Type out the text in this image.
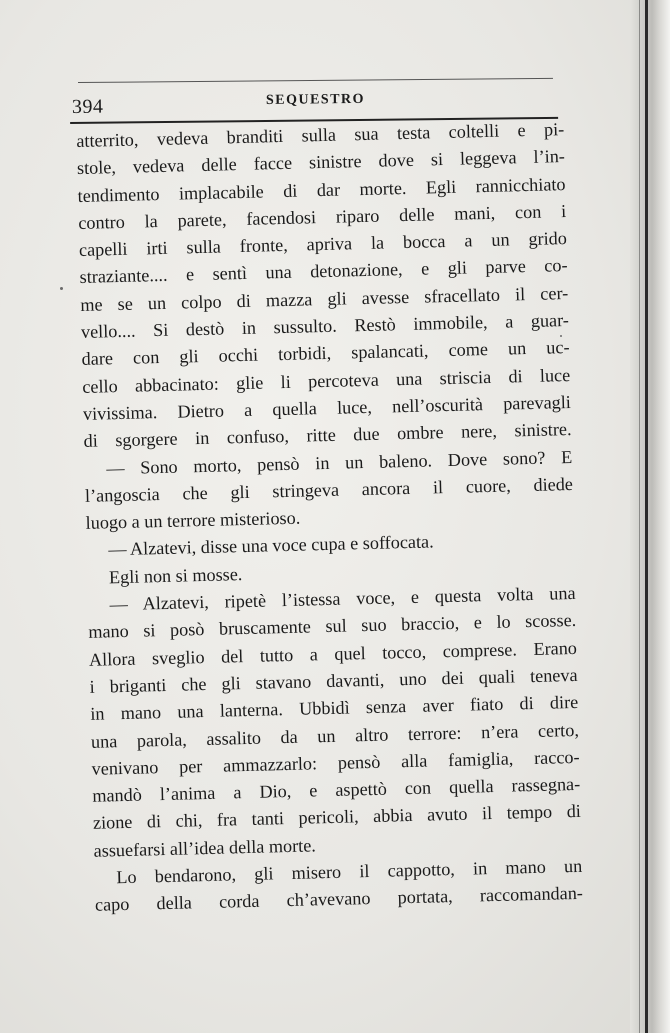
394	SEQUESTRO
atterrito, vedeva branditi sulla sua testa coltelli e pi-
stole, vedeva delle facce sinistre dove si leggeva l’in-
tendimento implacabile di dar morte. Egli rannicchiato
contro la parete, facendosi riparo delle mani, con i
capelli irti sulla fronte, apriva la bocca a un grido
straziante.... e sentì una detonazione, e gli parve co-
me se un colpo di mazza gli avesse sfracellato il cer-
vello.... Si destò in sussulto. Restò immobile, a guar-
dare con gli occhi torbidi, spalancati, come un uc-
cello abbacinato: glie li percoteva una striscia di luce
vivissima. Dietro a quella luce, nell’oscurità parevagli
di sgorgere in confuso, ritte due ombre nere, sinistre.
— Sono morto, pensò in un baleno. Dove sono? E
l’angoscia che gli stringeva ancora il cuore, diede
luogo a un terrore misterioso.
— Alzatevi, disse una voce cupa e soffocata.
Egli non si mosse.
— Alzatevi, ripetè l’istessa voce, e questa volta una
mano si posò bruscamente sul suo braccio, e lo scosse.
Allora sveglio del tutto a quel tocco, comprese. Erano
i briganti che gli stavano davanti, uno dei quali teneva
in mano una lanterna. Ubbidì senza aver fiato di dire
una parola, assalito da un altro terrore: n’era certo,
venivano per ammazzarlo: pensò alla famiglia, racco-
mandò l’anima a Dio, e aspettò con quella rassegna-
zione di chi, fra tanti pericoli, abbia avuto il tempo di
assuefarsi all’idea della morte.
Lo bendarono, gli misero il cappotto, in mano un
capo della corda ch’avevano portata, raccomandan-
